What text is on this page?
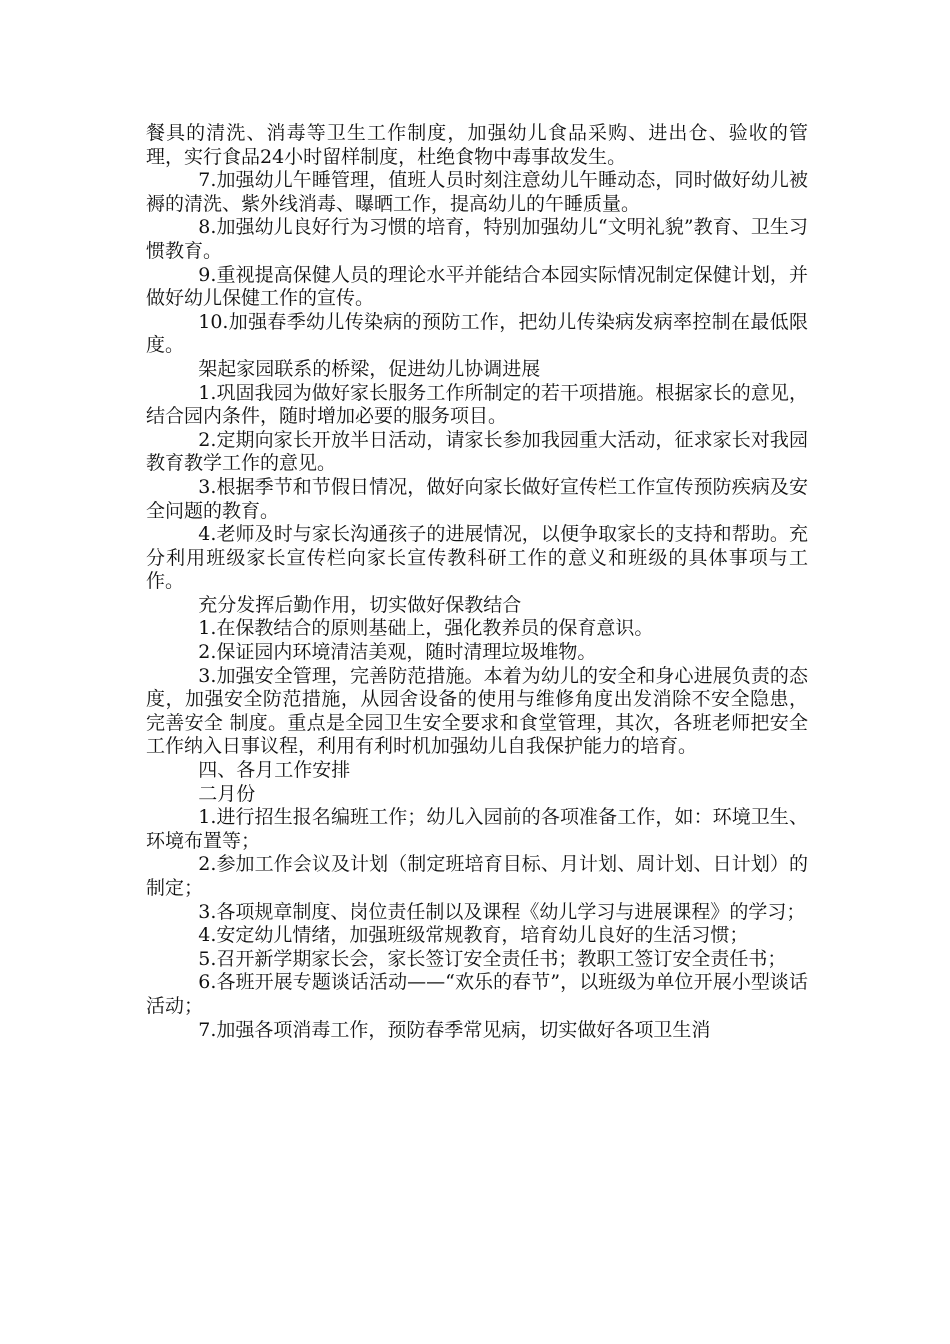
餐具的清洗、消毒等卫生工作制度，加强幼儿食品采购、进出仓、验收的管理，实行食品24小时留样制度，杜绝食物中毒事故发生。

7.加强幼儿午睡管理，值班人员时刻注意幼儿午睡动态，同时做好幼儿被褥的清洗、紫外线消毒、曝晒工作，提高幼儿的午睡质量。

8.加强幼儿良好行为习惯的培育，特别加强幼儿“文明礼貌”教育、卫生习惯教育。

9.重视提高保健人员的理论水平并能结合本园实际情况制定保健计划，并做好幼儿保健工作的宣传。

10.加强春季幼儿传染病的预防工作，把幼儿传染病发病率控制在最低限度。

架起家园联系的桥梁，促进幼儿协调进展

1.巩固我园为做好家长服务工作所制定的若干项措施。根据家长的意见，结合园内条件，随时增加必要的服务项目。

2.定期向家长开放半日活动，请家长参加我园重大活动，征求家长对我园教育教学工作的意见。

3.根据季节和节假日情况，做好向家长做好宣传栏工作宣传预防疾病及安全问题的教育。

4.老师及时与家长沟通孩子的进展情况，以便争取家长的支持和帮助。充分利用班级家长宣传栏向家长宣传教科研工作的意义和班级的具体事项与工作。

充分发挥后勤作用，切实做好保教结合

1.在保教结合的原则基础上，强化教养员的保育意识。

2.保证园内环境清洁美观，随时清理垃圾堆物。

3.加强安全管理，完善防范措施。本着为幼儿的安全和身心进展负责的态度，加强安全防范措施，从园舍设备的使用与维修角度出发消除不安全隐患，完善安全 制度。重点是全园卫生安全要求和食堂管理，其次，各班老师把安全工作纳入日事议程，利用有利时机加强幼儿自我保护能力的培育。

四、各月工作安排

二月份

1.进行招生报名编班工作；幼儿入园前的各项准备工作，如：环境卫生、环境布置等；

2.参加工作会议及计划（制定班培育目标、月计划、周计划、日计划）的制定；

3.各项规章制度、岗位责任制以及课程《幼儿学习与进展课程》的学习；

4.安定幼儿情绪，加强班级常规教育，培育幼儿良好的生活习惯；

5.召开新学期家长会，家长签订安全责任书；教职工签订安全责任书；

6.各班开展专题谈话活动——“欢乐的春节”，以班级为单位开展小型谈话活动；

7.加强各项消毒工作，预防春季常见病，切实做好各项卫生消
